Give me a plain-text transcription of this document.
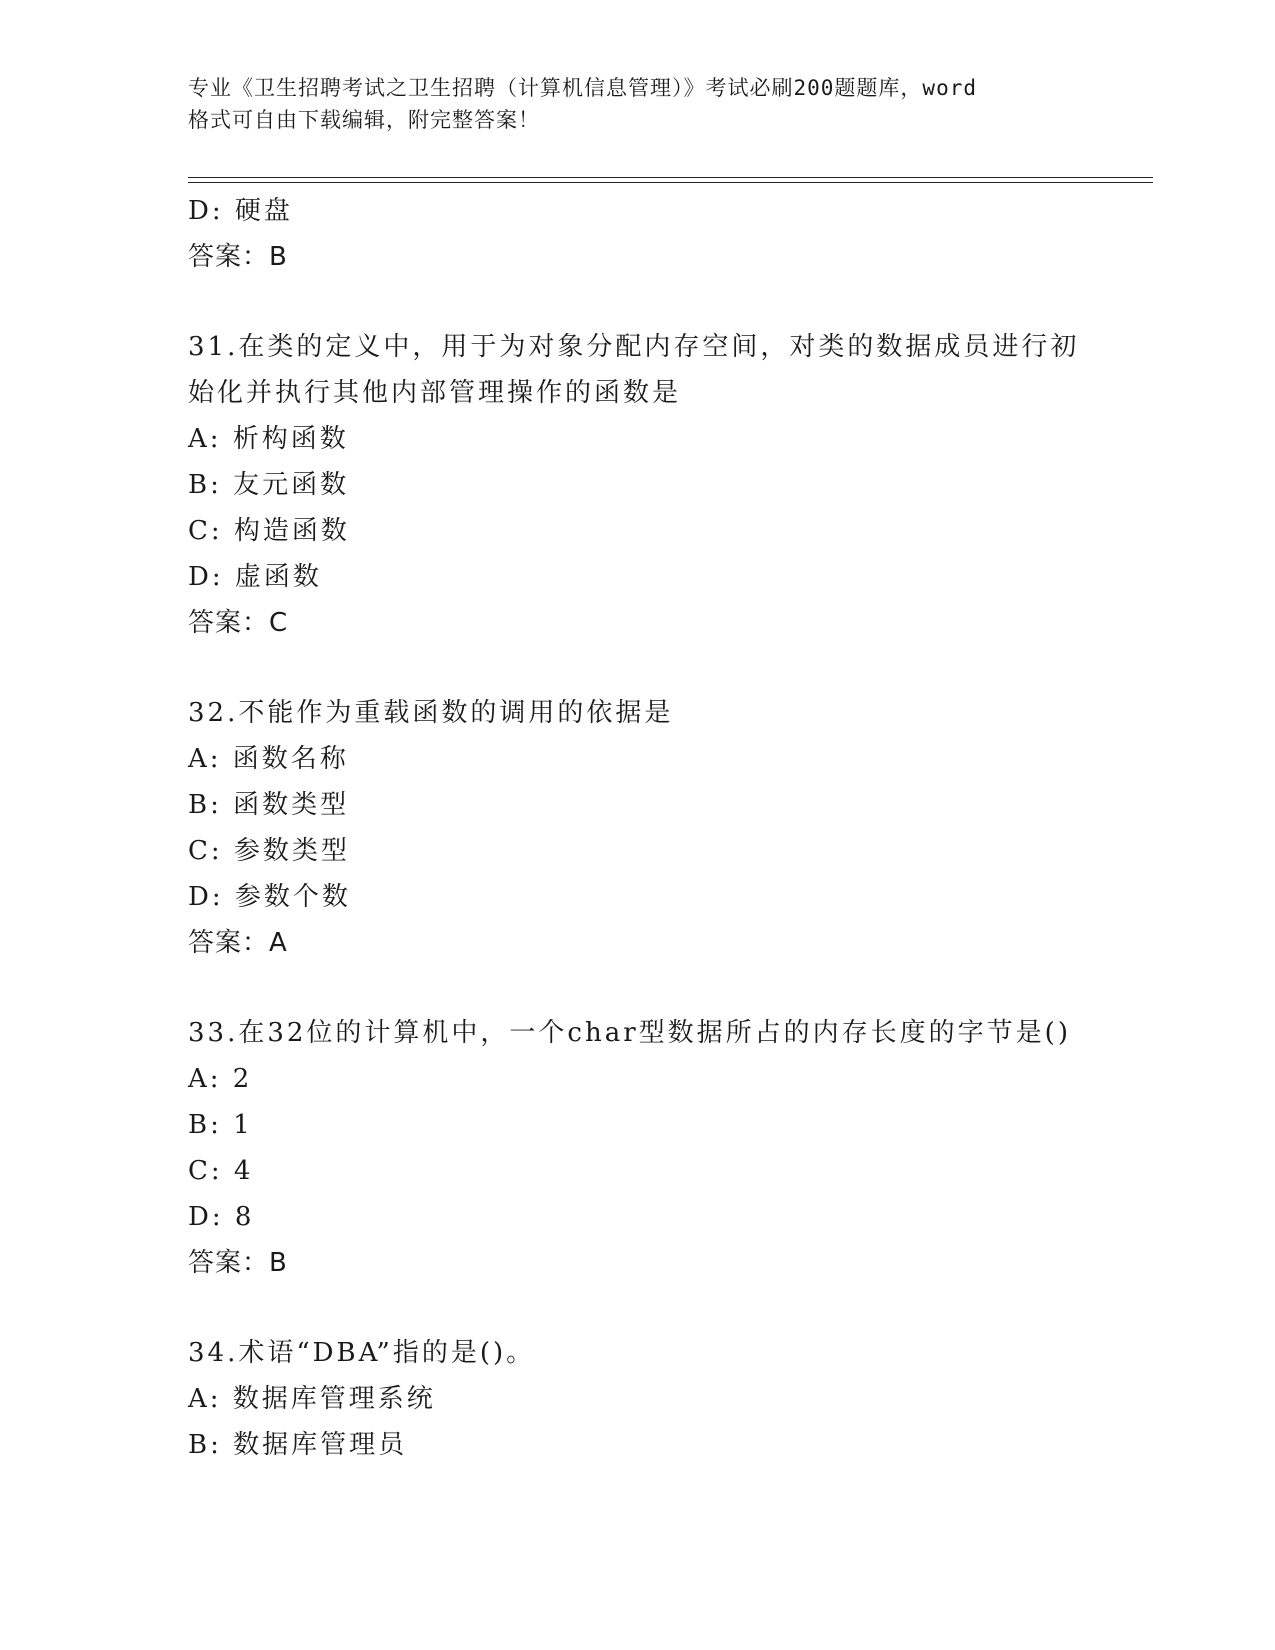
专业《卫生招聘考试之卫生招聘（计算机信息管理）》考试必刷200题题库，word
格式可自由下载编辑，附完整答案！
D: 硬盘
答案：B
31.在类的定义中，用于为对象分配内存空间，对类的数据成员进行初
始化并执行其他内部管理操作的函数是
A: 析构函数
B: 友元函数
C: 构造函数
D: 虚函数
答案：C
32.不能作为重载函数的调用的依据是
A: 函数名称
B: 函数类型
C: 参数类型
D: 参数个数
答案：A
33.在32位的计算机中，一个char型数据所占的内存长度的字节是()
A: 2
B: 1
C: 4
D: 8
答案：B
34.术语“DBA”指的是()。
A: 数据库管理系统
B: 数据库管理员
